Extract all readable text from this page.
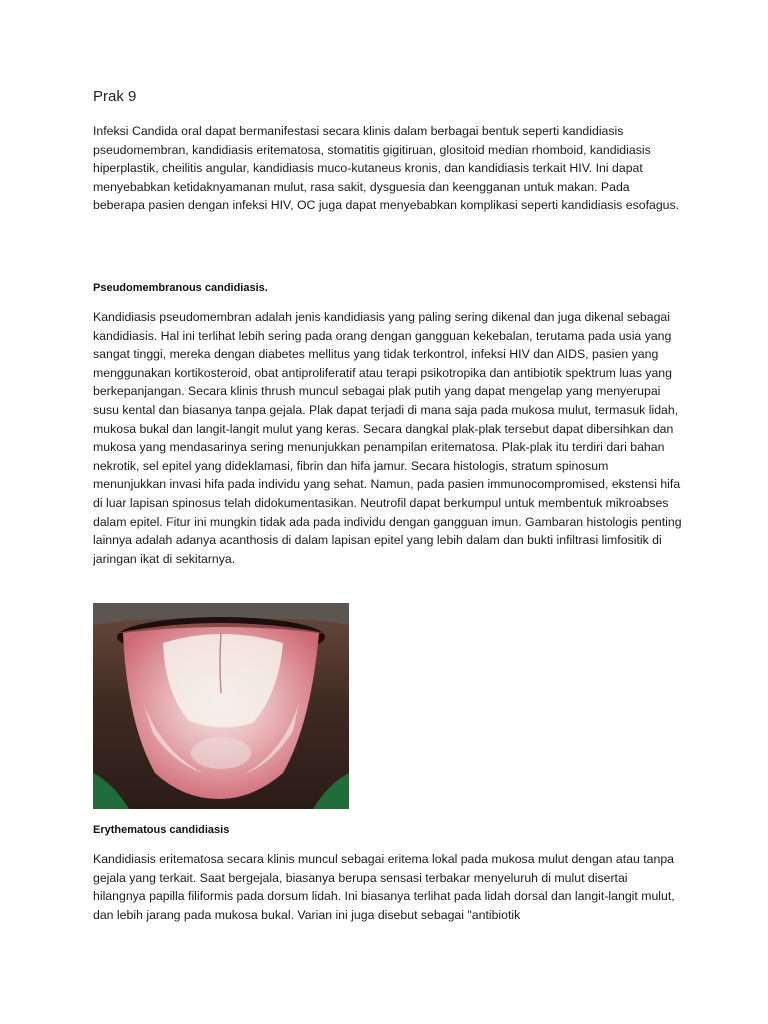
Prak 9

Infeksi Candida oral dapat bermanifestasi secara klinis dalam berbagai bentuk seperti kandidiasis pseudomembran, kandidiasis eritematosa, stomatitis gigitiruan, glositoid median rhomboid, kandidiasis hiperplastik, cheilitis angular, kandidiasis muco-kutaneus kronis, dan kandidiasis terkait HIV. Ini dapat menyebabkan ketidaknyamanan mulut, rasa sakit, dysguesia dan keengganan untuk makan. Pada beberapa pasien dengan infeksi HIV, OC juga dapat menyebabkan komplikasi seperti kandidiasis esofagus.

Pseudomembranous candidiasis.

Kandidiasis pseudomembran adalah jenis kandidiasis yang paling sering dikenal dan juga dikenal sebagai kandidiasis. Hal ini terlihat lebih sering pada orang dengan gangguan kekebalan, terutama pada usia yang sangat tinggi, mereka dengan diabetes mellitus yang tidak terkontrol, infeksi HIV dan AIDS, pasien yang menggunakan kortikosteroid, obat antiproliferatif atau terapi psikotropika dan antibiotik spektrum luas yang berkepanjangan. Secara klinis thrush muncul sebagai plak putih yang dapat mengelap yang menyerupai susu kental dan biasanya tanpa gejala. Plak dapat terjadi di mana saja pada mukosa mulut, termasuk lidah, mukosa bukal dan langit-langit mulut yang keras. Secara dangkal plak-plak tersebut dapat dibersihkan dan mukosa yang mendasarinya sering menunjukkan penampilan eritematosa. Plak-plak itu terdiri dari bahan nekrotik, sel epitel yang dideklamasi, fibrin dan hifa jamur. Secara histologis, stratum spinosum menunjukkan invasi hifa pada individu yang sehat. Namun, pada pasien immunocompromised, ekstensi hifa di luar lapisan spinosus telah didokumentasikan. Neutrofil dapat berkumpul untuk membentuk mikroabses dalam epitel. Fitur ini mungkin tidak ada pada individu dengan gangguan imun. Gambaran histologis penting lainnya adalah adanya acanthosis di dalam lapisan epitel yang lebih dalam dan bukti infiltrasi limfositik di jaringan ikat di sekitarnya.

Erythematous candidiasis

Kandidiasis eritematosa secara klinis muncul sebagai eritema lokal pada mukosa mulut dengan atau tanpa gejala yang terkait. Saat bergejala, biasanya berupa sensasi terbakar menyeluruh di mulut disertai hilangnya papilla filiformis pada dorsum lidah. Ini biasanya terlihat pada lidah dorsal dan langit-langit mulut, dan lebih jarang pada mukosa bukal. Varian ini juga disebut sebagai "antibiotik
